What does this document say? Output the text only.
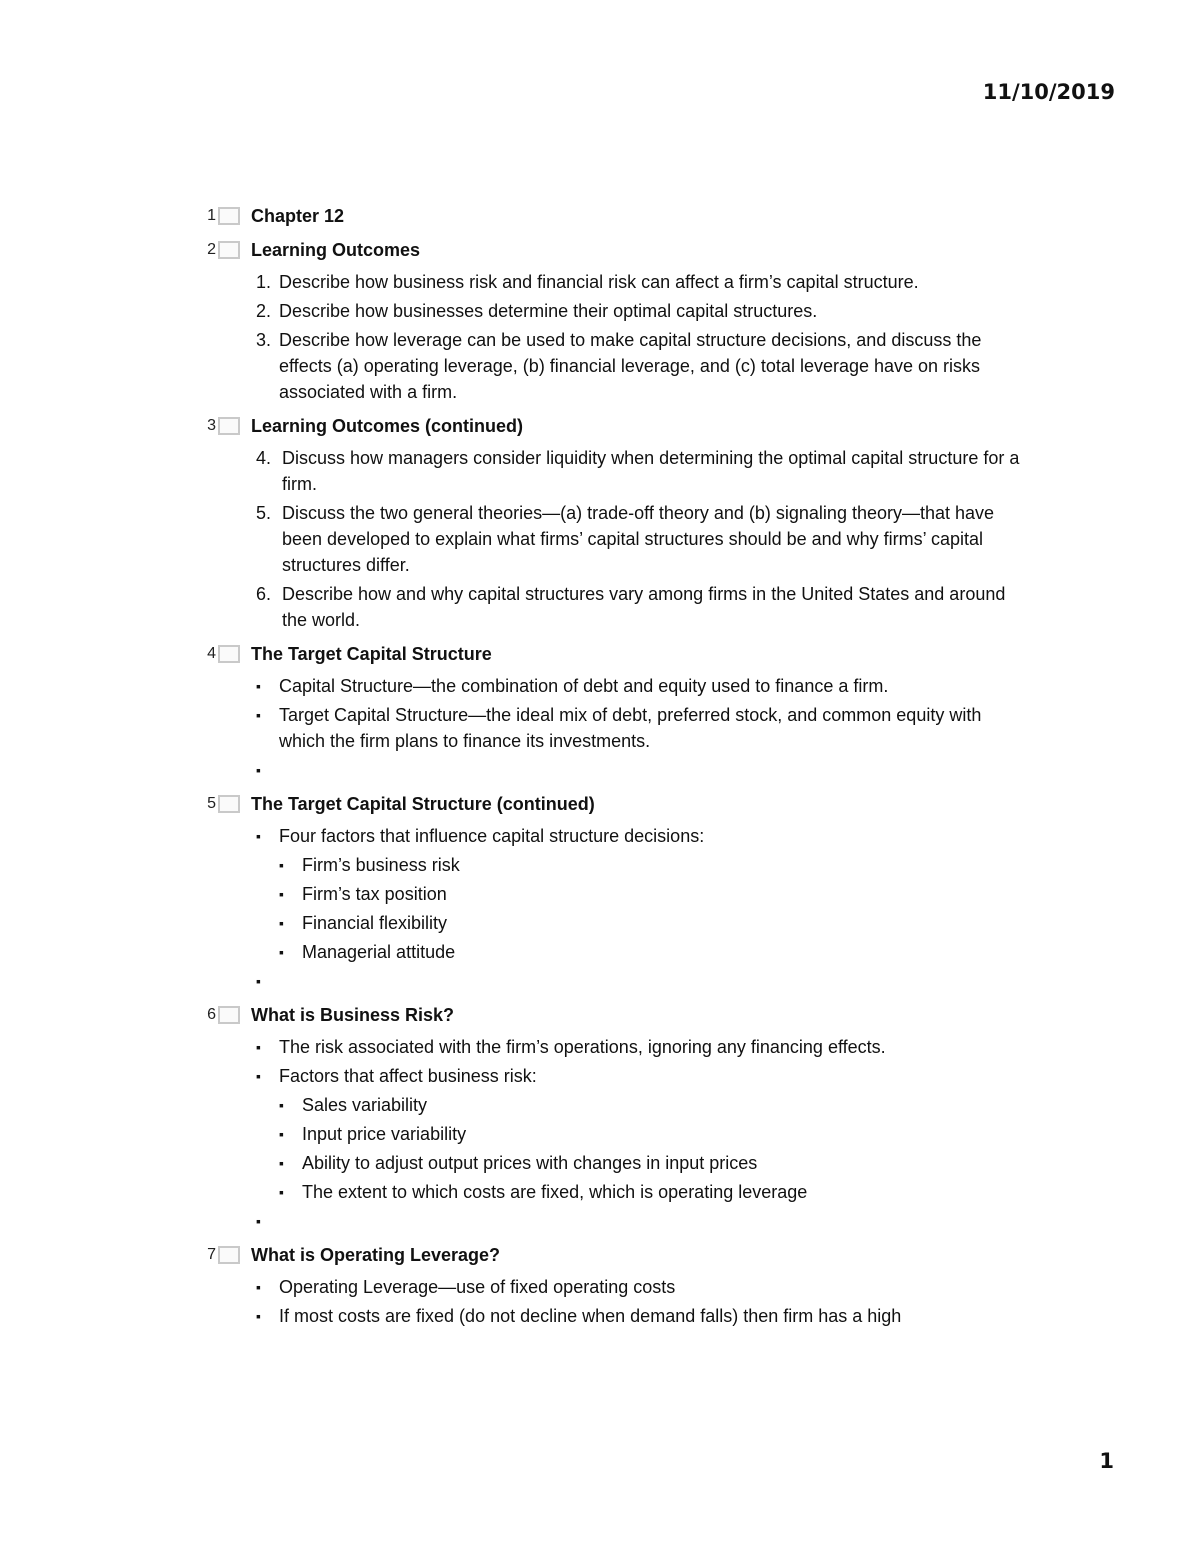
11/10/2019
1 Chapter 12
2 Learning Outcomes
1. Describe how business risk and financial risk can affect a firm’s capital structure.
2. Describe how businesses determine their optimal capital structures.
3. Describe how leverage can be used to make capital structure decisions, and discuss the effects (a) operating leverage, (b) financial leverage, and (c) total leverage have on risks associated with a firm.
3 Learning Outcomes (continued)
4. Discuss how managers consider liquidity when determining the optimal capital structure for a firm.
5. Discuss the two general theories—(a) trade-off theory and (b) signaling theory—that have been developed to explain what firms’ capital structures should be and why firms’ capital structures differ.
6. Describe how and why capital structures vary among firms in the United States and around the world.
4 The Target Capital Structure
▪	Capital Structure—the combination of debt and equity used to finance a firm.
▪	Target Capital Structure—the ideal mix of debt, preferred stock, and common equity with which the firm plans to finance its investments.
▪
5 The Target Capital Structure (continued)
▪	Four factors that influence capital structure decisions:
▪	Firm’s business risk
▪	Firm’s tax position
▪	Financial flexibility
▪	Managerial attitude
▪
6 What is Business Risk?
▪	The risk associated with the firm’s operations, ignoring any financing effects.
▪	Factors that affect business risk:
▪	Sales variability
▪	Input price variability
▪	Ability to adjust output prices with changes in input prices
▪	The extent to which costs are fixed, which is operating leverage
▪
7 What is Operating Leverage?
▪	Operating Leverage—use of fixed operating costs
▪	If most costs are fixed (do not decline when demand falls) then firm has a high
1
